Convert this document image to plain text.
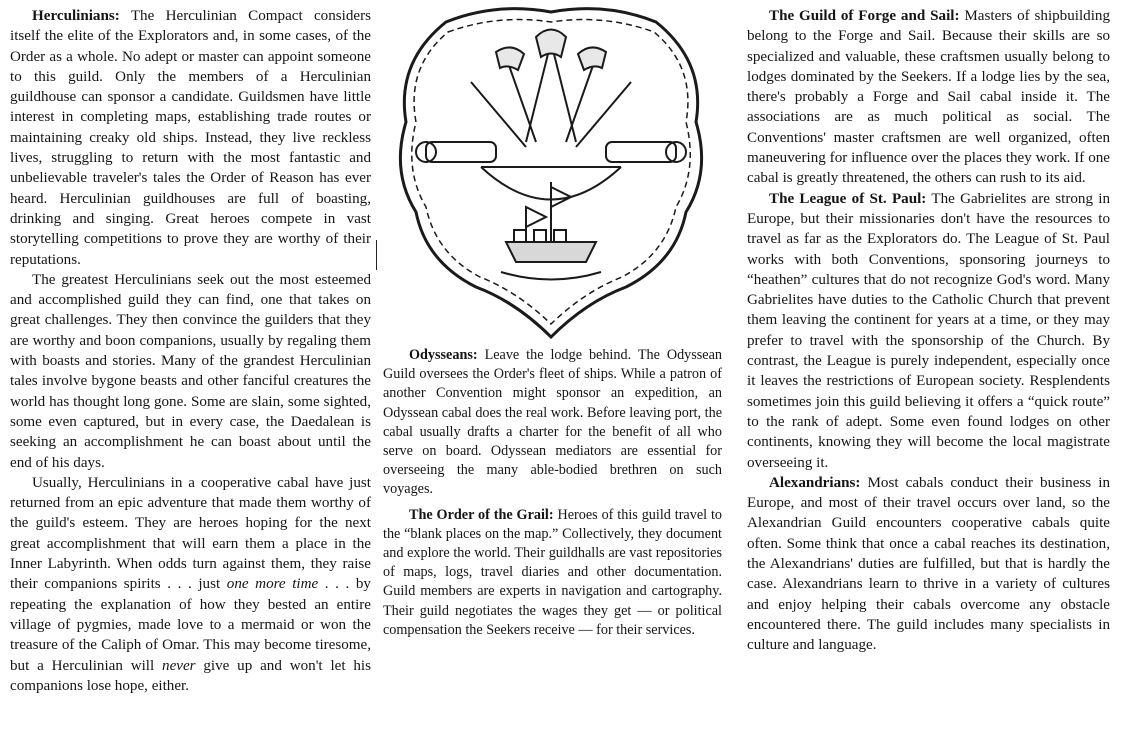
Herculinians: The Herculinian Compact considers itself the elite of the Explorators and, in some cases, of the Order as a whole. No adept or master can appoint someone to this guild. Only the members of a Herculinian guildhouse can sponsor a candidate. Guildsmen have little interest in completing maps, establishing trade routes or maintaining creaky old ships. Instead, they live reckless lives, struggling to return with the most fantastic and unbelievable traveler's tales the Order of Reason has ever heard. Herculinian guildhouses are full of boasting, drinking and singing. Great heroes compete in vast storytelling competitions to prove they are worthy of their reputations.

The greatest Herculinians seek out the most esteemed and accomplished guild they can find, one that takes on great challenges. They then convince the guilders that they are worthy and boon companions, usually by regaling them with boasts and stories. Many of the grandest Herculinian tales involve bygone beasts and other fanciful creatures the world has thought long gone. Some are slain, some sighted, some even captured, but in every case, the Daedalean is seeking an accomplishment he can boast about until the end of his days.

Usually, Herculinians in a cooperative cabal have just returned from an epic adventure that made them worthy of the guild's esteem. They are heroes hoping for the next great accomplishment that will earn them a place in the Inner Labyrinth. When odds turn against them, they raise their companions spirits . . . just one more time . . . by repeating the explanation of how they bested an entire village of pygmies, made love to a mermaid or won the treasure of the Caliph of Omar. This may become tiresome, but a Herculinian will never give up and won't let his companions lose hope, either.

Odysseans: Leave the lodge behind. The Odyssean Guild oversees the Order's fleet of ships. While a patron of another Convention might sponsor an expedition, an Odyssean cabal does the real work. Before leaving port, the cabal usually drafts a charter for the benefit of all who serve on board. Odyssean mediators are essential for overseeing the many able-bodied brethren on such voyages.

The Order of the Grail: Heroes of this guild travel to the “blank places on the map.” Collectively, they document and explore the world. Their guildhalls are vast repositories of maps, logs, travel diaries and other documentation. Guild members are experts in navigation and cartography. Their guild negotiates the wages they get — or political compensation the Seekers receive — for their services.

The Guild of Forge and Sail: Masters of shipbuilding belong to the Forge and Sail. Because their skills are so specialized and valuable, these craftsmen usually belong to lodges dominated by the Seekers. If a lodge lies by the sea, there's probably a Forge and Sail cabal inside it. The associations are as much political as social. The Conventions' master craftsmen are well organized, often maneuvering for influence over the places they work. If one cabal is greatly threatened, the others can rush to its aid.

The League of St. Paul: The Gabrielites are strong in Europe, but their missionaries don't have the resources to travel as far as the Explorators do. The League of St. Paul works with both Conventions, sponsoring journeys to “heathen” cultures that do not recognize God's word. Many Gabrielites have duties to the Catholic Church that prevent them leaving the continent for years at a time, or they may prefer to travel with the sponsorship of the Church. By contrast, the League is purely independent, especially once it leaves the restrictions of European society. Resplendents sometimes join this guild believing it offers a “quick route” to the rank of adept. Some even found lodges on other continents, knowing they will become the local magistrate overseeing it.

Alexandrians: Most cabals conduct their business in Europe, and most of their travel occurs over land, so the Alexandrian Guild encounters cooperative cabals quite often. Some think that once a cabal reaches its destination, the Alexandrians' duties are fulfilled, but that is hardly the case. Alexandrians learn to thrive in a variety of cultures and enjoy helping their cabals overcome any obstacle encountered there. The guild includes many specialists in culture and language.
